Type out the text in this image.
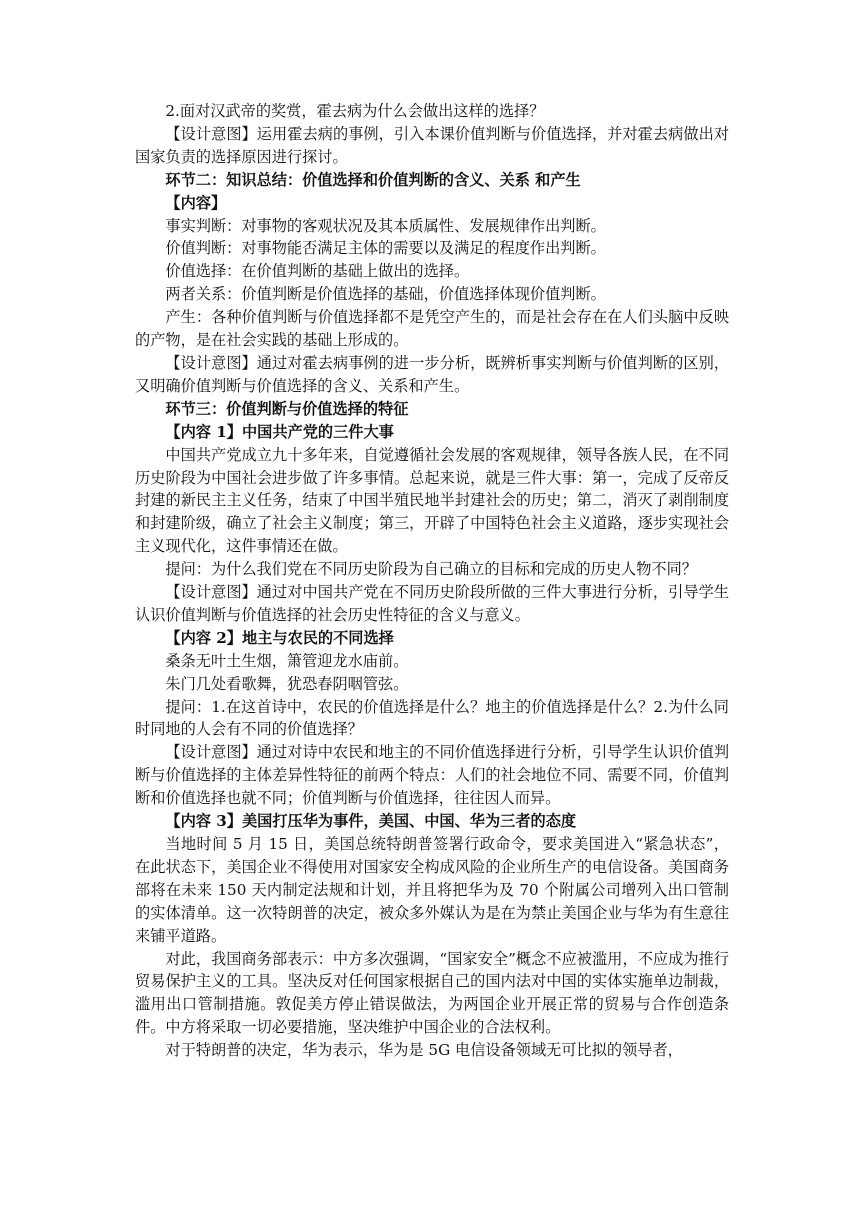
2.面对汉武帝的奖赏，霍去病为什么会做出这样的选择？

【设计意图】运用霍去病的事例，引入本课价值判断与价值选择，并对霍去病做出对国家负责的选择原因进行探讨。

环节二：知识总结：价值选择和价值判断的含义、关系 和产生

【内容】

事实判断：对事物的客观状况及其本质属性、发展规律作出判断。

价值判断：对事物能否满足主体的需要以及满足的程度作出判断。

价值选择：在价值判断的基础上做出的选择。

两者关系：价值判断是价值选择的基础，价值选择体现价值判断。

产生：各种价值判断与价值选择都不是凭空产生的，而是社会存在在人们头脑中反映的产物，是在社会实践的基础上形成的。

【设计意图】通过对霍去病事例的进一步分析，既辨析事实判断与价值判断的区别，又明确价值判断与价值选择的含义、关系和产生。

环节三：价值判断与价值选择的特征

【内容 1】中国共产党的三件大事

中国共产党成立九十多年来，自觉遵循社会发展的客观规律，领导各族人民，在不同历史阶段为中国社会进步做了许多事情。总起来说，就是三件大事：第一，完成了反帝反封建的新民主主义任务，结束了中国半殖民地半封建社会的历史；第二，消灭了剥削制度和封建阶级，确立了社会主义制度；第三，开辟了中国特色社会主义道路，逐步实现社会主义现代化，这件事情还在做。

提问：为什么我们党在不同历史阶段为自己确立的目标和完成的历史人物不同？

【设计意图】通过对中国共产党在不同历史阶段所做的三件大事进行分析，引导学生认识价值判断与价值选择的社会历史性特征的含义与意义。

【内容 2】地主与农民的不同选择

桑条无叶土生烟，箫管迎龙水庙前。

朱门几处看歌舞，犹恐春阴咽管弦。

提问：1.在这首诗中，农民的价值选择是什么？地主的价值选择是什么？2.为什么同时同地的人会有不同的价值选择？

【设计意图】通过对诗中农民和地主的不同价值选择进行分析，引导学生认识价值判断与价值选择的主体差异性特征的前两个特点：人们的社会地位不同、需要不同，价值判断和价值选择也就不同；价值判断与价值选择，往往因人而异。

【内容 3】美国打压华为事件，美国、中国、华为三者的态度

当地时间 5 月 15 日，美国总统特朗普签署行政命令，要求美国进入“紧急状态”，在此状态下，美国企业不得使用对国家安全构成风险的企业所生产的电信设备。美国商务部将在未来 150 天内制定法规和计划，并且将把华为及 70 个附属公司增列入出口管制的实体清单。这一次特朗普的决定，被众多外媒认为是在为禁止美国企业与华为有生意往来铺平道路。

对此，我国商务部表示：中方多次强调，“国家安全”概念不应被滥用，不应成为推行贸易保护主义的工具。坚决反对任何国家根据自己的国内法对中国的实体实施单边制裁，滥用出口管制措施。敦促美方停止错误做法，为两国企业开展正常的贸易与合作创造条件。中方将采取一切必要措施，坚决维护中国企业的合法权利。

对于特朗普的决定，华为表示，华为是 5G 电信设备领域无可比拟的领导者，
